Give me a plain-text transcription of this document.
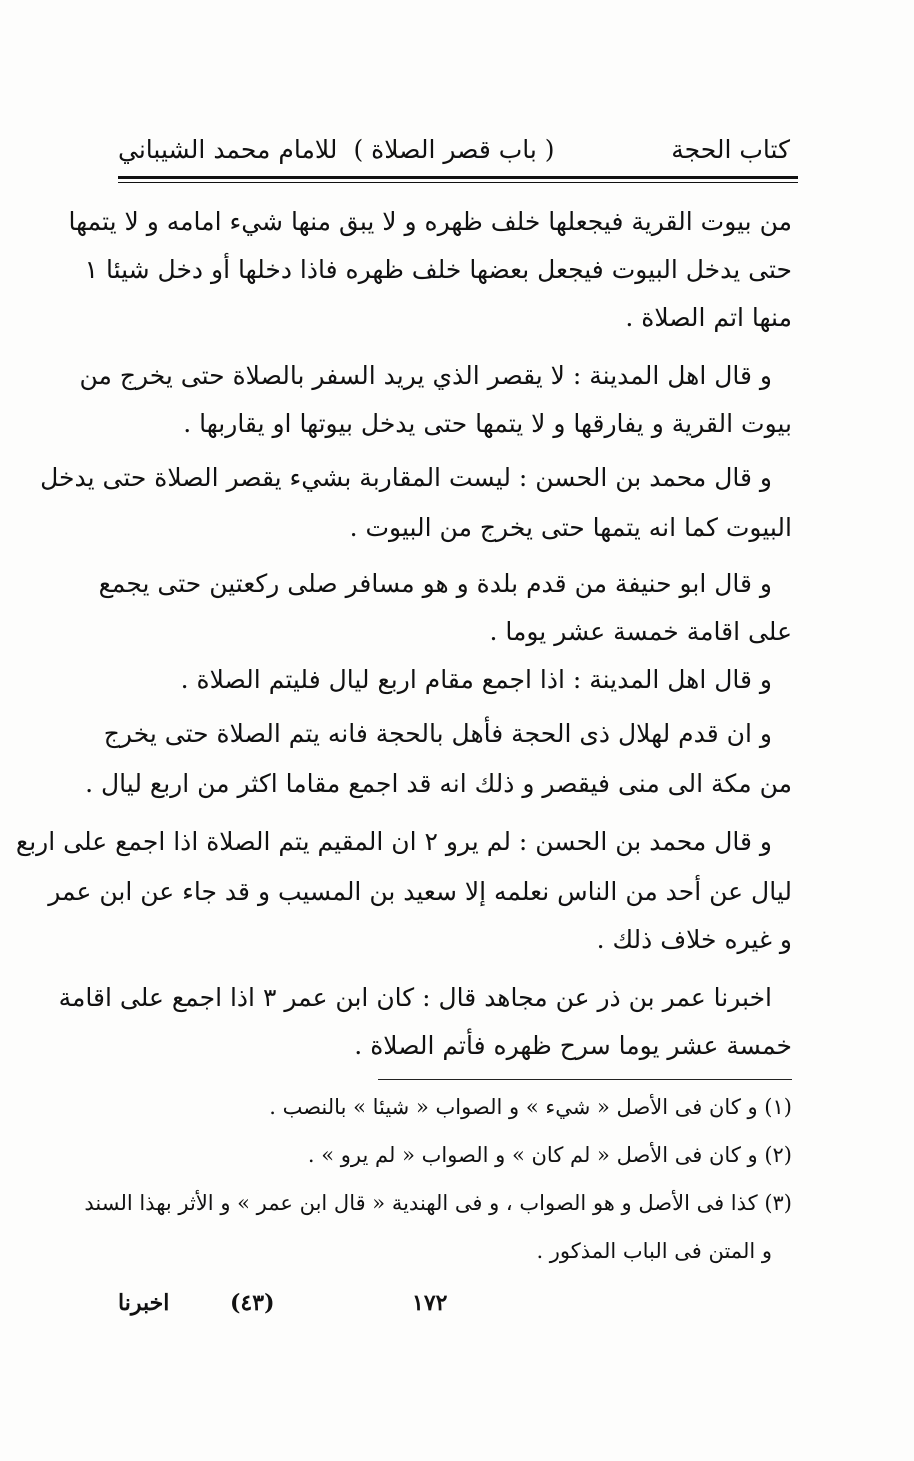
كتاب الحجة
( باب قصر الصلاة )
للامام محمد الشيباني
من بيوت القرية فيجعلها خلف ظهره و لا يبق منها شيء امامه و لا يتمها
حتى يدخل البيوت فيجعل بعضها خلف ظهره فاذا دخلها أو دخل شيئا ١
منها اتم الصلاة .
و قال اهل المدينة : لا يقصر الذي يريد السفر بالصلاة حتى يخرج من
بيوت القرية و يفارقها و لا يتمها حتى يدخل بيوتها او يقاربها .
و قال محمد بن الحسن : ليست المقاربة بشيء يقصر الصلاة حتى يدخل
البيوت كما انه يتمها حتى يخرج من البيوت .
و قال ابو حنيفة من قدم بلدة و هو مسافر صلى ركعتين حتى يجمع
على اقامة خمسة عشر يوما .
و قال اهل المدينة : اذا اجمع مقام اربع ليال فليتم الصلاة .
و ان قدم لهلال ذى الحجة فأهل بالحجة فانه يتم الصلاة حتى يخرج
من مكة الى منى فيقصر و ذلك انه قد اجمع مقاما اكثر من اربع ليال .
و قال محمد بن الحسن : لم يرو ٢ ان المقيم يتم الصلاة اذا اجمع على اربع
ليال عن أحد من الناس نعلمه إلا سعيد بن المسيب و قد جاء عن ابن عمر
و غيره خلاف ذلك .
اخبرنا عمر بن ذر عن مجاهد قال : كان ابن عمر ٣ اذا اجمع على اقامة
خمسة عشر يوما سرح ظهره فأتم الصلاة .
(١) و كان فى الأصل « شيء » و الصواب « شيئا » بالنصب .
(٢) و كان فى الأصل « لم كان » و الصواب « لم يرو » .
(٣) كذا فى الأصل و هو الصواب ، و فى الهندية « قال ابن عمر » و الأثر بهذا السند
و المتن فى الباب المذكور .
١٧٢
(٤٣)
اخبرنا
